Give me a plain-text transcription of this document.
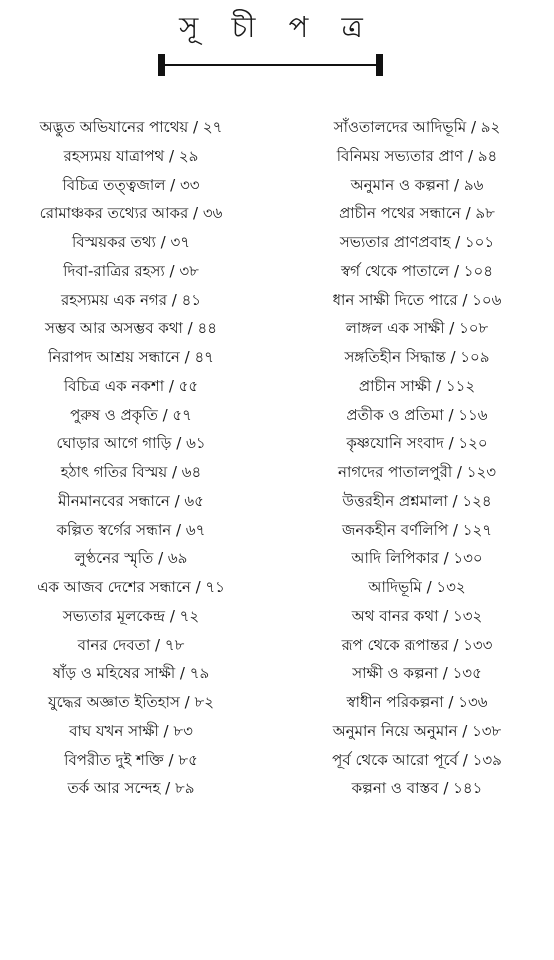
সূ চী প ত্র
অদ্ভুত অভিযানের পাথেয় / ২৭
রহস্যময় যাত্রাপথ / ২৯
বিচিত্র তত্ত্বজাল / ৩৩
রোমাঞ্চকর তথ্যের আকর / ৩৬
বিস্ময়কর তথ্য / ৩৭
দিবা-রাত্রির রহস্য / ৩৮
রহস্যময় এক নগর / ৪১
সম্ভব আর অসম্ভব কথা / ৪৪
নিরাপদ আশ্রয় সন্ধানে / ৪৭
বিচিত্র এক নকশা / ৫৫
পুরুষ ও প্রকৃতি / ৫৭
ঘোড়ার আগে গাড়ি / ৬১
হঠাৎ গতির বিস্ময় / ৬৪
মীনমানবের সন্ধানে / ৬৫
কল্পিত স্বর্গের সন্ধান / ৬৭
লুণ্ঠনের স্মৃতি / ৬৯
এক আজব দেশের সন্ধানে / ৭১
সভ্যতার মূলকেন্দ্র / ৭২
বানর দেবতা / ৭৮
ষাঁড় ও মহিষের সাক্ষী / ৭৯
যুদ্ধের অজ্ঞাত ইতিহাস / ৮২
বাঘ যখন সাক্ষী / ৮৩
বিপরীত দুই শক্তি / ৮৫
তর্ক আর সন্দেহ / ৮৯
সাঁওতালদের আদিভূমি / ৯২
বিনিময় সভ্যতার প্রাণ / ৯৪
অনুমান ও কল্পনা / ৯৬
প্রাচীন পথের সন্ধানে / ৯৮
সভ্যতার প্রাণপ্রবাহ / ১০১
স্বর্গ থেকে পাতালে / ১০৪
ধান সাক্ষী দিতে পারে / ১০৬
লাঙ্গল এক সাক্ষী / ১০৮
সঙ্গতিহীন সিদ্ধান্ত / ১০৯
প্রাচীন সাক্ষী / ১১২
প্রতীক ও প্রতিমা / ১১৬
কৃষ্ণযোনি সংবাদ / ১২০
নাগদের পাতালপুরী / ১২৩
উত্তরহীন প্রশ্নমালা / ১২৪
জনকহীন বর্ণলিপি / ১২৭
আদি লিপিকার / ১৩০
আদিভূমি / ১৩২
অথ বানর কথা / ১৩২
রূপ থেকে রূপান্তর / ১৩৩
সাক্ষী ও কল্পনা / ১৩৫
স্বাধীন পরিকল্পনা / ১৩৬
অনুমান নিয়ে অনুমান / ১৩৮
পূর্ব থেকে আরো পূর্বে / ১৩৯
কল্পনা ও বাস্তব / ১৪১
